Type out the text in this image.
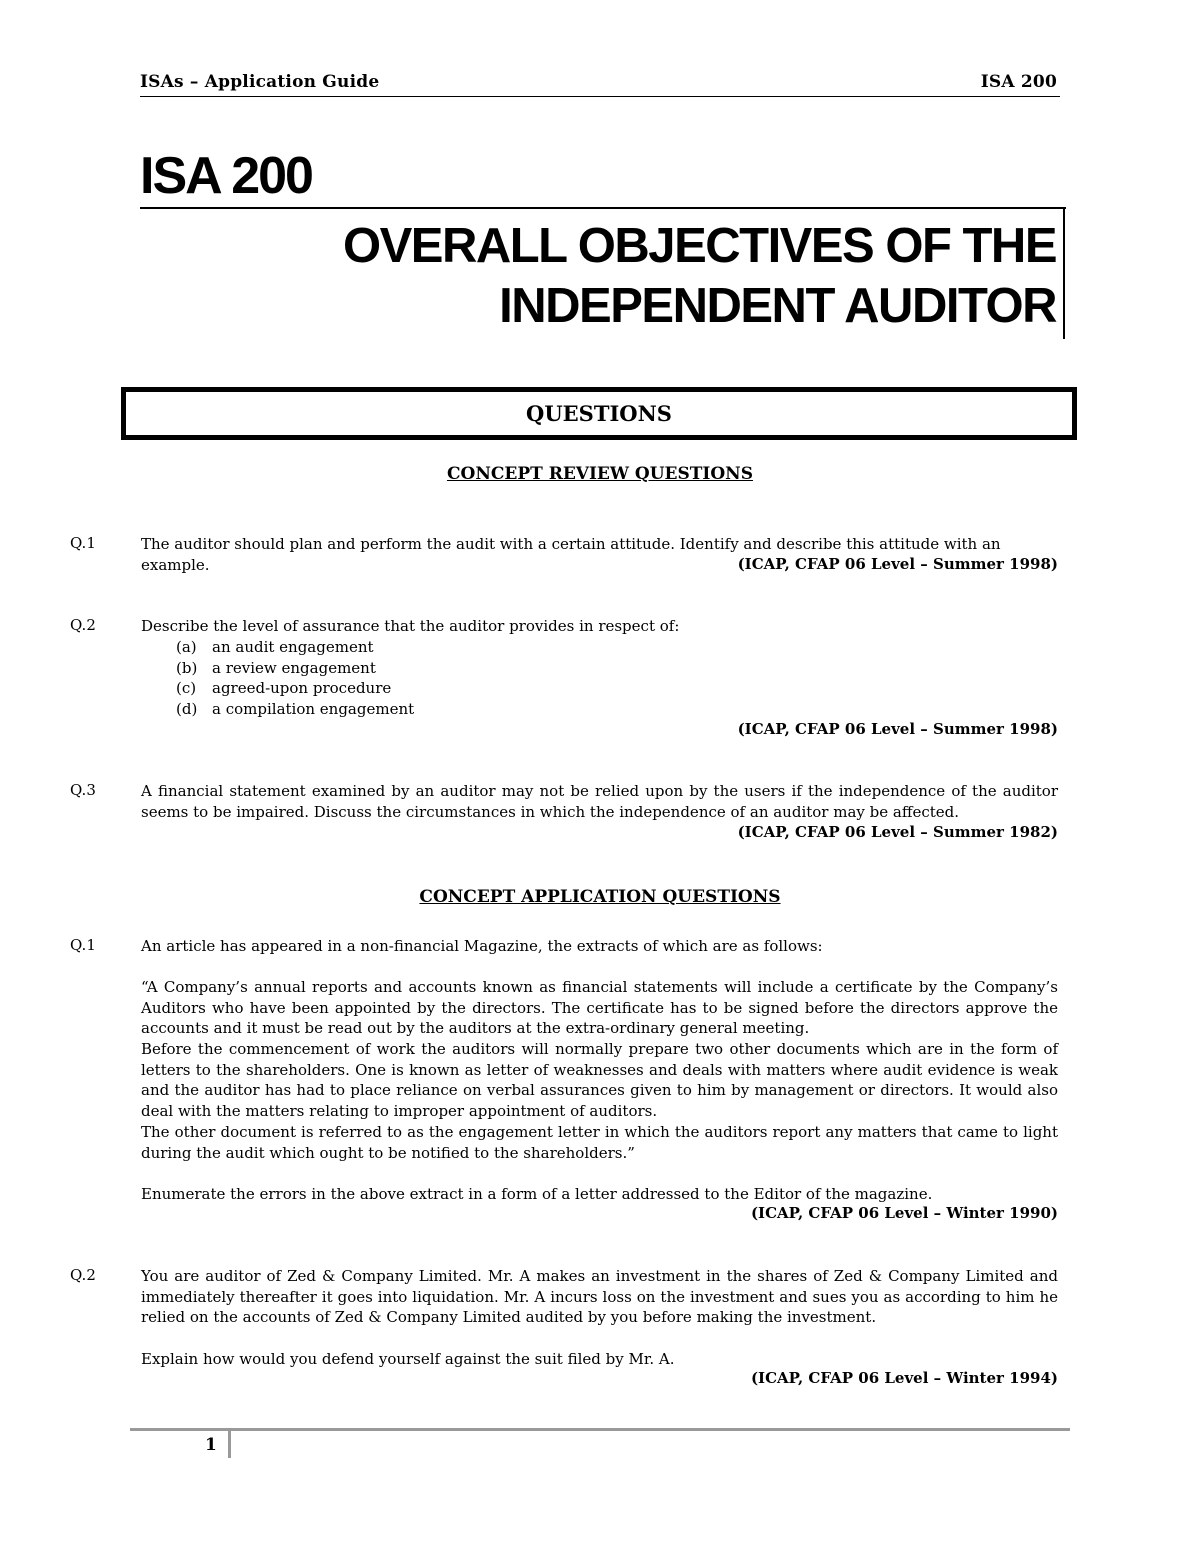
ISAs – Application Guide	ISA 200
ISA 200
OVERALL OBJECTIVES OF THE
INDEPENDENT AUDITOR
QUESTIONS
CONCEPT REVIEW QUESTIONS
Q.1	The auditor should plan and perform the audit with a certain attitude. Identify and describe this attitude with an example.	(ICAP, CFAP 06 Level – Summer 1998)
Q.2	Describe the level of assurance that the auditor provides in respect of:
(a) an audit engagement
(b) a review engagement
(c) agreed-upon procedure
(d) a compilation engagement
(ICAP, CFAP 06 Level – Summer 1998)
Q.3	A financial statement examined by an auditor may not be relied upon by the users if the independence of the auditor seems to be impaired. Discuss the circumstances in which the independence of an auditor may be affected.
(ICAP, CFAP 06 Level – Summer 1982)
CONCEPT APPLICATION QUESTIONS
Q.1	An article has appeared in a non-financial Magazine, the extracts of which are as follows:
“A Company’s annual reports and accounts known as financial statements will include a certificate by the Company’s Auditors who have been appointed by the directors. The certificate has to be signed before the directors approve the accounts and it must be read out by the auditors at the extra-ordinary general meeting.
Before the commencement of work the auditors will normally prepare two other documents which are in the form of letters to the shareholders. One is known as letter of weaknesses and deals with matters where audit evidence is weak and the auditor has had to place reliance on verbal assurances given to him by management or directors. It would also deal with the matters relating to improper appointment of auditors.
The other document is referred to as the engagement letter in which the auditors report any matters that came to light during the audit which ought to be notified to the shareholders.”
Enumerate the errors in the above extract in a form of a letter addressed to the Editor of the magazine.
(ICAP, CFAP 06 Level – Winter 1990)
Q.2	You are auditor of Zed & Company Limited. Mr. A makes an investment in the shares of Zed & Company Limited and immediately thereafter it goes into liquidation. Mr. A incurs loss on the investment and sues you as according to him he relied on the accounts of Zed & Company Limited audited by you before making the investment.
Explain how would you defend yourself against the suit filed by Mr. A.
(ICAP, CFAP 06 Level – Winter 1994)
1
